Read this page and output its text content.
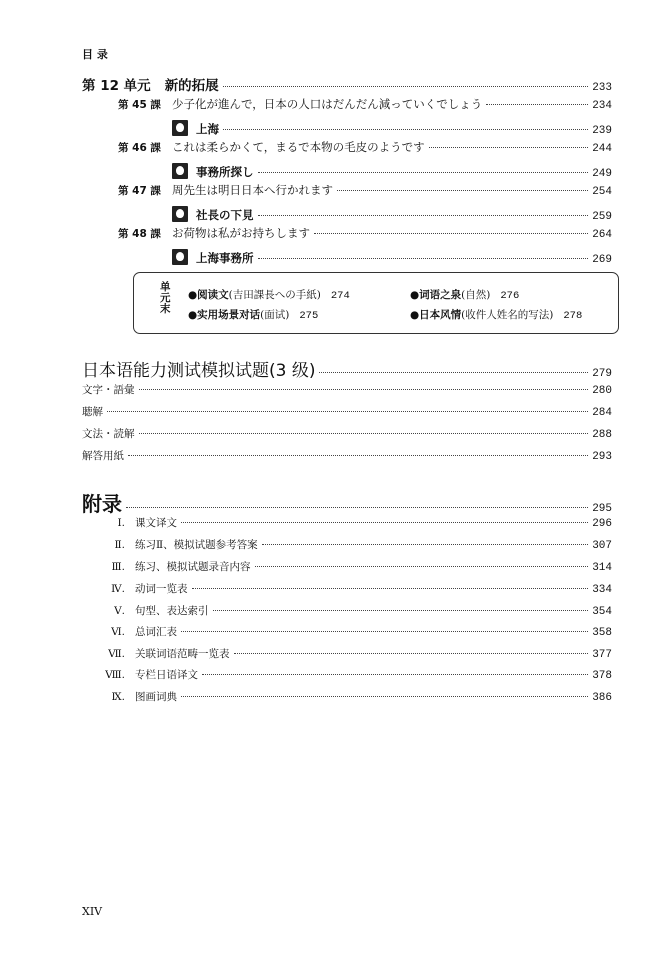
目 录
第 12 单元 新的拓展	233
第 45 課 少子化が進んで，日本の人口はだんだん減っていくでしょう	234
上海	239
第 46 課 これは柔らかくて，まるで本物の毛皮のようです	244
事務所探し	249
第 47 課 周先生は明日日本へ行かれます	254
社長の下見	259
第 48 課 お荷物は私がお持ちします	264
上海事務所	269
单元末
●阅读文(吉田課長への手紙) 274	●词语之泉(自然) 276
●实用场景对话(面试) 275	●日本风情(收件人姓名的写法) 278
日本语能力测试模拟试题(3 级)	279
文字・語彙	280
聴解	284
文法・読解	288
解答用紙	293
附录	295
Ⅰ. 课文译文	296
Ⅱ. 练习Ⅱ、模拟试题参考答案	307
Ⅲ. 练习、模拟试题录音内容	314
Ⅳ. 动词一览表	334
Ⅴ. 句型、表达索引	354
Ⅵ. 总词汇表	358
Ⅶ. 关联词语范畴一览表	377
Ⅷ. 专栏日语译文	378
Ⅸ. 图画词典	386
XIV
